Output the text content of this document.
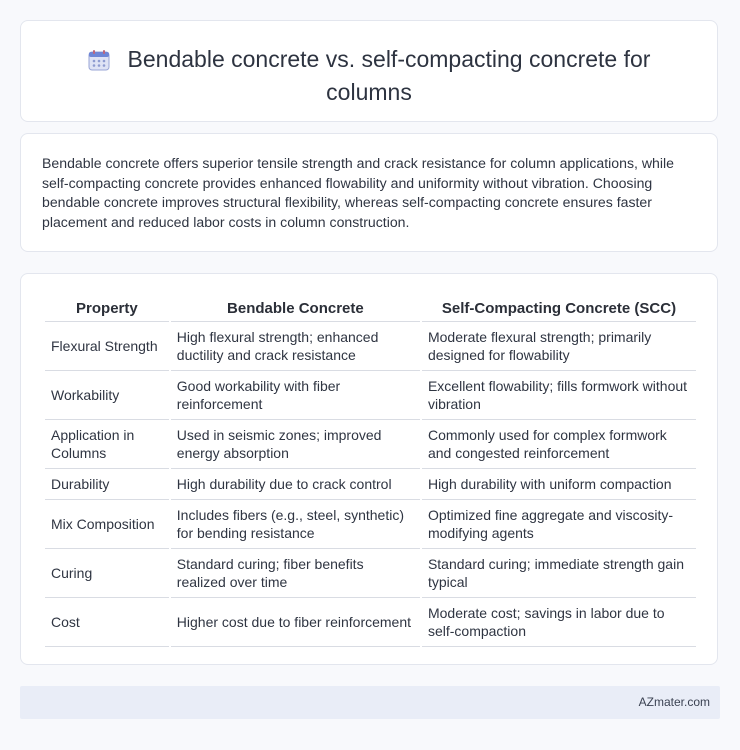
Bendable concrete vs. self-compacting concrete for columns
Bendable concrete offers superior tensile strength and crack resistance for column applications, while self-compacting concrete provides enhanced flowability and uniformity without vibration. Choosing bendable concrete improves structural flexibility, whereas self-compacting concrete ensures faster placement and reduced labor costs in column construction.
Property	Bendable Concrete	Self-Compacting Concrete (SCC)
Flexural Strength	High flexural strength; enhanced ductility and crack resistance	Moderate flexural strength; primarily designed for flowability
Workability	Good workability with fiber reinforcement	Excellent flowability; fills formwork without vibration
Application in Columns	Used in seismic zones; improved energy absorption	Commonly used for complex formwork and congested reinforcement
Durability	High durability due to crack control	High durability with uniform compaction
Mix Composition	Includes fibers (e.g., steel, synthetic) for bending resistance	Optimized fine aggregate and viscosity-modifying agents
Curing	Standard curing; fiber benefits realized over time	Standard curing; immediate strength gain typical
Cost	Higher cost due to fiber reinforcement	Moderate cost; savings in labor due to self-compaction
AZmater.com
